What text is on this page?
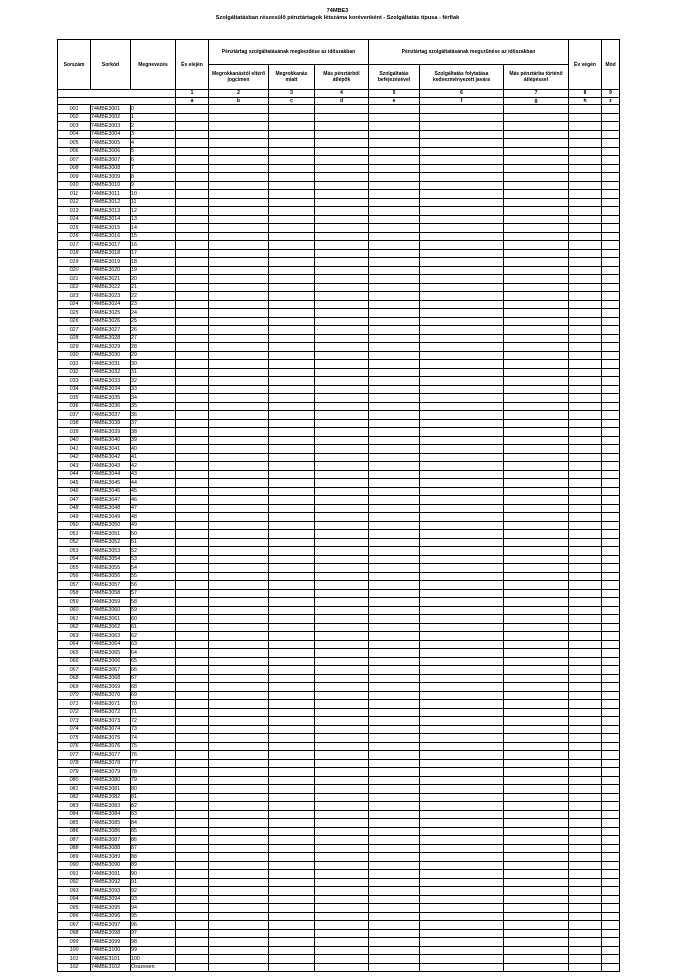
74MBE3
Szolgáltatásban részesülő pénztártagok létszáma korévenként - Szolgáltatás típusa - férfiak
Sorszám	Sorkód	Megnevezés	Év elején	Pénztártag szolgáltatásának megkezdése az időszakban			Pénztártag szolgáltatásának megszűnése az időszakban			Év végén	Mód
				Megrokkanástól eltérő jogcímen	Megrokkanás miatt	Más pénztárból átlépők	Szolgáltatás befejezésével	Szolgáltatás folytatása kedvezményezett javára	Más pénztárba történő átlépéssel		
			1	2	3	4	5	6	7	8	9
			a	b	c	d	e	f	g	h	z
001	74MBE3001	0									
002	74MBE3002	1									
003	74MBE3003	2									
004	74MBE3004	3									
005	74MBE3005	4									
006	74MBE3006	5									
007	74MBE3007	6									
008	74MBE3008	7									
009	74MBE3009	8									
010	74MBE3010	9									
011	74MBE3011	10									
012	74MBE3012	11									
013	74MBE3013	12									
014	74MBE3014	13									
015	74MBE3015	14									
016	74MBE3016	15									
017	74MBE3017	16									
018	74MBE3018	17									
019	74MBE3019	18									
020	74MBE3020	19									
021	74MBE3021	20									
022	74MBE3022	21									
023	74MBE3023	22									
024	74MBE3024	23									
025	74MBE3025	24									
026	74MBE3026	25									
027	74MBE3027	26									
028	74MBE3028	27									
029	74MBE3029	28									
030	74MBE3030	29									
031	74MBE3031	30									
032	74MBE3032	31									
033	74MBE3033	32									
034	74MBE3034	33									
035	74MBE3035	34									
036	74MBE3036	35									
037	74MBE3037	36									
038	74MBE3038	37									
039	74MBE3039	38									
040	74MBE3040	39									
041	74MBE3041	40									
042	74MBE3042	41									
043	74MBE3043	42									
044	74MBE3044	43									
045	74MBE3045	44									
046	74MBE3046	45									
047	74MBE3047	46									
048	74MBE3048	47									
049	74MBE3049	48									
050	74MBE3050	49									
051	74MBE3051	50									
052	74MBE3052	51									
053	74MBE3053	52									
054	74MBE3054	53									
055	74MBE3055	54									
056	74MBE3056	55									
057	74MBE3057	56									
058	74MBE3058	57									
059	74MBE3059	58									
060	74MBE3060	59									
061	74MBE3061	60									
062	74MBE3062	61									
063	74MBE3063	62									
064	74MBE3064	63									
065	74MBE3065	64									
066	74MBE3066	65									
067	74MBE3067	66									
068	74MBE3068	67									
069	74MBE3069	68									
070	74MBE3070	69									
071	74MBE3071	70									
072	74MBE3072	71									
073	74MBE3073	72									
074	74MBE3074	73									
075	74MBE3075	74									
076	74MBE3076	75									
077	74MBE3077	76									
078	74MBE3078	77									
079	74MBE3079	78									
080	74MBE3080	79									
081	74MBE3081	80									
082	74MBE3082	81									
083	74MBE3083	82									
084	74MBE3084	83									
085	74MBE3085	84									
086	74MBE3086	85									
087	74MBE3087	86									
088	74MBE3088	87									
089	74MBE3089	88									
090	74MBE3090	89									
091	74MBE3091	90									
092	74MBE3092	91									
093	74MBE3093	92									
094	74MBE3094	93									
095	74MBE3095	94									
096	74MBE3096	95									
097	74MBE3097	96									
098	74MBE3098	97									
099	74MBE3099	98									
100	74MBE3100	99									
101	74MBE3101	100									
102	74MBE3102	Összesen									
